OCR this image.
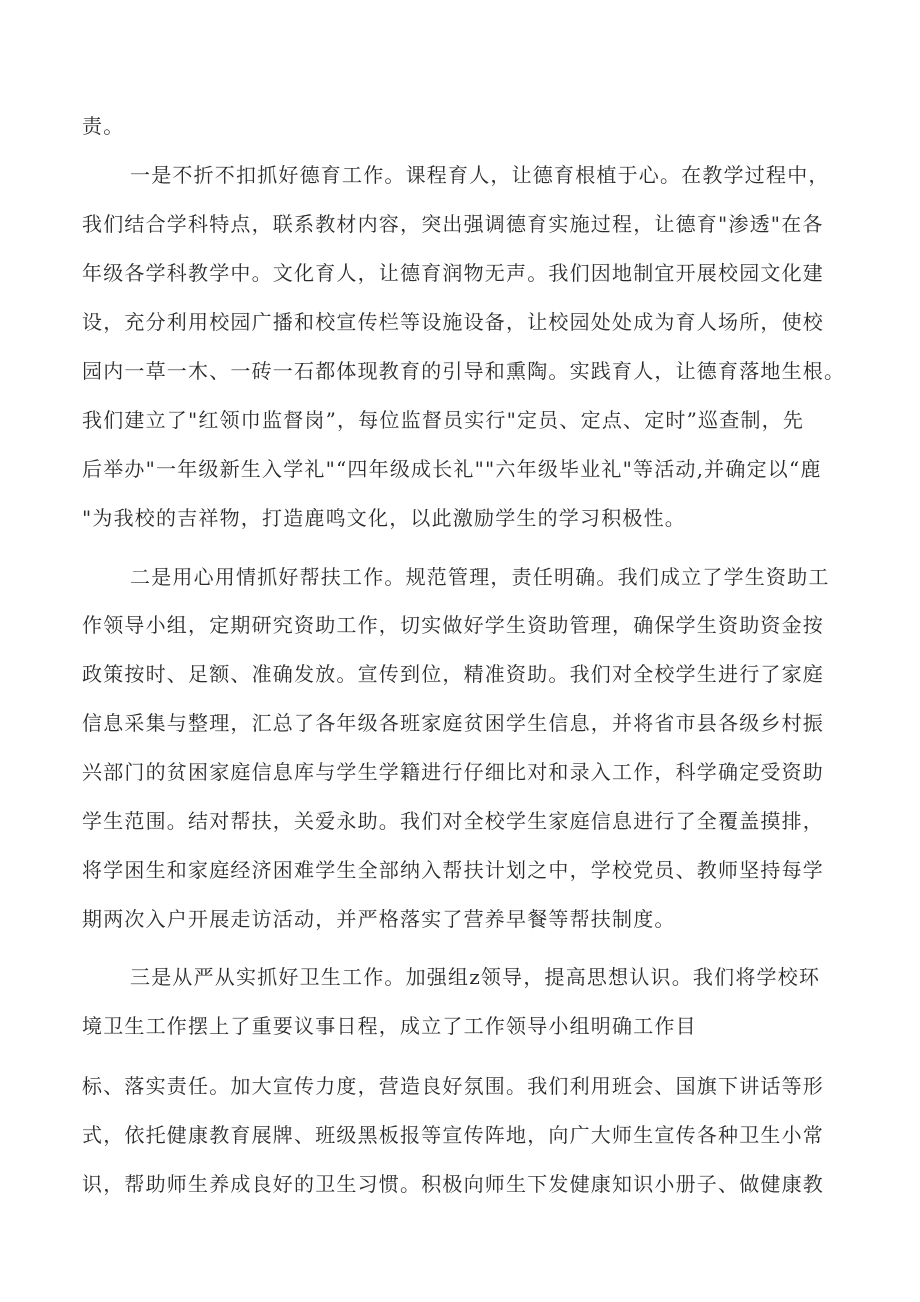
责。
一是不折不扣抓好德育工作。课程育人，让德育根植于心。在教学过程中，
我们结合学科特点，联系教材内容，突出强调德育实施过程，让德育"渗透"在各
年级各学科教学中。文化育人，让德育润物无声。我们因地制宜开展校园文化建
设，充分利用校园广播和校宣传栏等设施设备，让校园处处成为育人场所，使校
园内一草一木、一砖一石都体现教育的引导和熏陶。实践育人，让德育落地生根。
我们建立了"红领巾监督岗”，每位监督员实行"定员、定点、定时”巡查制，先
后举办"一年级新生入学礼"“四年级成长礼""六年级毕业礼"等活动,并确定以“鹿
"为我校的吉祥物，打造鹿鸣文化，以此激励学生的学习积极性。
二是用心用情抓好帮扶工作。规范管理，责任明确。我们成立了学生资助工
作领导小组，定期研究资助工作，切实做好学生资助管理，确保学生资助资金按
政策按时、足额、准确发放。宣传到位，精准资助。我们对全校学生进行了家庭
信息采集与整理，汇总了各年级各班家庭贫困学生信息，并将省市县各级乡村振
兴部门的贫困家庭信息库与学生学籍进行仔细比对和录入工作，科学确定受资助
学生范围。结对帮扶，关爱永助。我们对全校学生家庭信息进行了全覆盖摸排，
将学困生和家庭经济困难学生全部纳入帮扶计划之中，学校党员、教师坚持每学
期两次入户开展走访活动，并严格落实了营养早餐等帮扶制度。
三是从严从实抓好卫生工作。加强组z领导，提高思想认识。我们将学校环
境卫生工作摆上了重要议事日程，成立了工作领导小组明确工作目
标、落实责任。加大宣传力度，营造良好氛围。我们利用班会、国旗下讲话等形
式，依托健康教育展牌、班级黑板报等宣传阵地，向广大师生宣传各种卫生小常
识，帮助师生养成良好的卫生习惯。积极向师生下发健康知识小册子、做健康教
